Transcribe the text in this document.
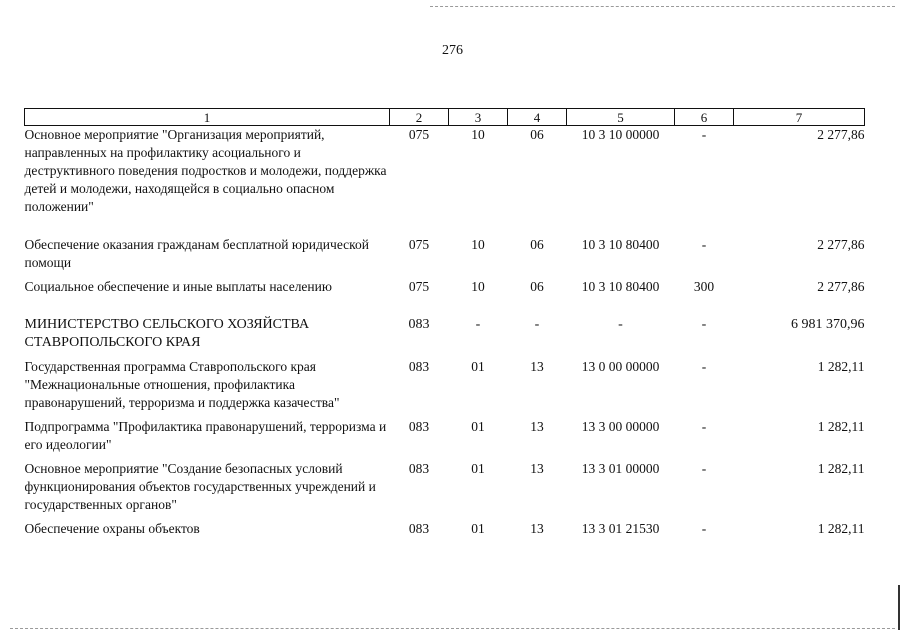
276
1	2	3	4	5	6	7
Основное мероприятие "Организация мероприятий, направленных на профилактику асоциального и деструктивного поведения подростков и молодежи, поддержка детей и молодежи, находящейся в социально опасном положении"	075	10	06	10 3 10 00000	-	2 277,86

Обеспечение оказания гражданам бесплатной юридической помощи	075	10	06	10 3 10 80400	-	2 277,86

Социальное обеспечение и иные выплаты населению	075	10	06	10 3 10 80400	300	2 277,86

МИНИСТЕРСТВО СЕЛЬСКОГО ХОЗЯЙСТВА СТАВРОПОЛЬСКОГО КРАЯ	083	-	-	-	-	6 981 370,96

Государственная программа Ставропольского края "Межнациональные отношения, профилактика правонарушений, терроризма и поддержка казачества"	083	01	13	13 0 00 00000	-	1 282,11

Подпрограмма "Профилактика правонарушений, терроризма и его идеологии"	083	01	13	13 3 00 00000	-	1 282,11

Основное мероприятие "Создание безопасных условий функционирования объектов государственных учреждений и государственных органов"	083	01	13	13 3 01 00000	-	1 282,11

Обеспечение охраны объектов	083	01	13	13 3 01 21530	-	1 282,11
